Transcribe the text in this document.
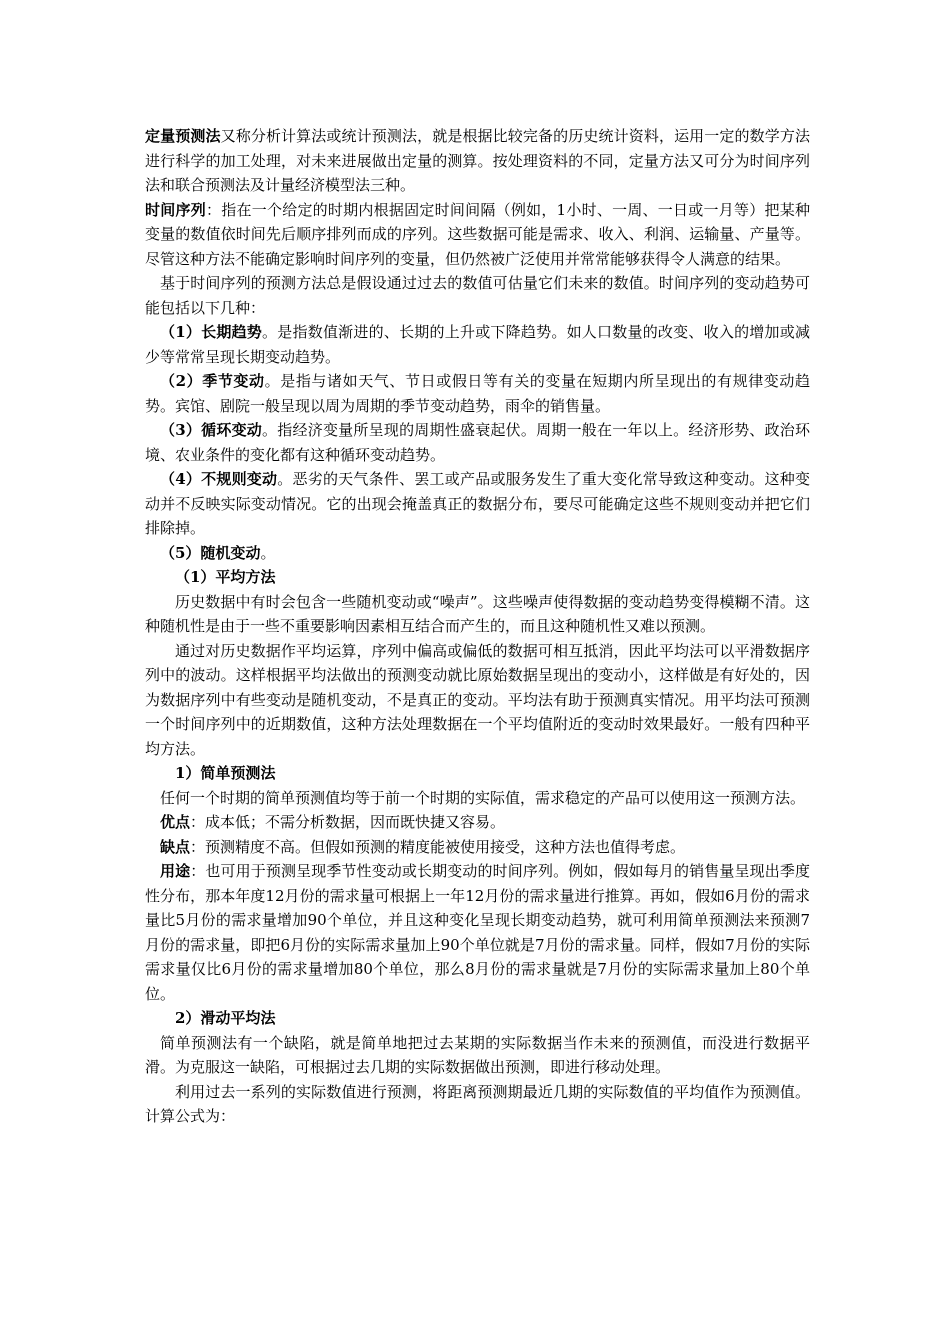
定量预测法又称分析计算法或统计预测法，就是根据比较完备的历史统计资料，运用一定的数学方法进行科学的加工处理，对未来进展做出定量的测算。按处理资料的不同，定量方法又可分为时间序列法和联合预测法及计量经济模型法三种。

时间序列：指在一个给定的时期内根据固定时间间隔（例如，1小时、一周、一日或一月等）把某种变量的数值依时间先后顺序排列而成的序列。这些数据可能是需求、收入、利润、运输量、产量等。尽管这种方法不能确定影响时间序列的变量，但仍然被广泛使用并常常能够获得令人满意的结果。

基于时间序列的预测方法总是假设通过过去的数值可估量它们未来的数值。时间序列的变动趋势可能包括以下几种：

（1）长期趋势。是指数值渐进的、长期的上升或下降趋势。如人口数量的改变、收入的增加或减少等常常呈现长期变动趋势。

（2）季节变动。是指与诸如天气、节日或假日等有关的变量在短期内所呈现出的有规律变动趋势。宾馆、剧院一般呈现以周为周期的季节变动趋势，雨伞的销售量。

（3）循环变动。指经济变量所呈现的周期性盛衰起伏。周期一般在一年以上。经济形势、政治环境、农业条件的变化都有这种循环变动趋势。

（4）不规则变动。恶劣的天气条件、罢工或产品或服务发生了重大变化常导致这种变动。这种变动并不反映实际变动情况。它的出现会掩盖真正的数据分布，要尽可能确定这些不规则变动并把它们排除掉。

（5）随机变动。

（1）平均方法

历史数据中有时会包含一些随机变动或“噪声”。这些噪声使得数据的变动趋势变得模糊不清。这种随机性是由于一些不重要影响因素相互结合而产生的，而且这种随机性又难以预测。

通过对历史数据作平均运算，序列中偏高或偏低的数据可相互抵消，因此平均法可以平滑数据序列中的波动。这样根据平均法做出的预测变动就比原始数据呈现出的变动小，这样做是有好处的，因为数据序列中有些变动是随机变动，不是真正的变动。平均法有助于预测真实情况。用平均法可预测一个时间序列中的近期数值，这种方法处理数据在一个平均值附近的变动时效果最好。一般有四种平均方法。

1）简单预测法

任何一个时期的简单预测值均等于前一个时期的实际值，需求稳定的产品可以使用这一预测方法。

优点：成本低；不需分析数据，因而既快捷又容易。

缺点：预测精度不高。但假如预测的精度能被使用接受，这种方法也值得考虑。

用途：也可用于预测呈现季节性变动或长期变动的时间序列。例如，假如每月的销售量呈现出季度性分布，那本年度12月份的需求量可根据上一年12月份的需求量进行推算。再如，假如6月份的需求量比5月份的需求量增加90个单位，并且这种变化呈现长期变动趋势，就可利用简单预测法来预测7月份的需求量，即把6月份的实际需求量加上90个单位就是7月份的需求量。同样，假如7月份的实际需求量仅比6月份的需求量增加80个单位，那么8月份的需求量就是7月份的实际需求量加上80个单位。

2）滑动平均法

简单预测法有一个缺陷，就是简单地把过去某期的实际数据当作未来的预测值，而没进行数据平滑。为克服这一缺陷，可根据过去几期的实际数据做出预测，即进行移动处理。

利用过去一系列的实际数值进行预测，将距离预测期最近几期的实际数值的平均值作为预测值。计算公式为：
